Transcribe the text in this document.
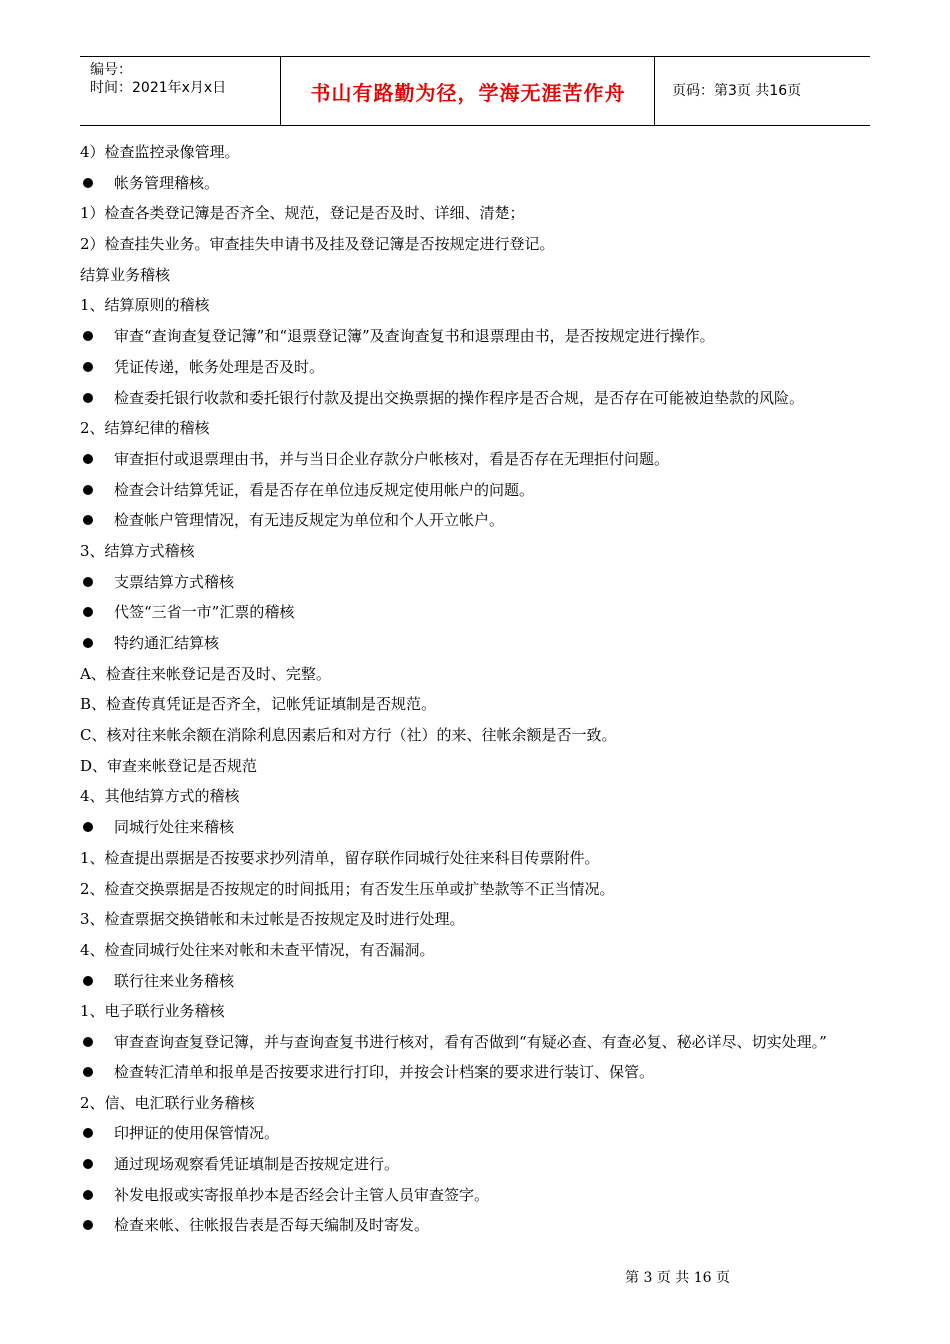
编号：
时间：2021年x月x日	书山有路勤为径，学海无涯苦作舟	页码：第3页 共16页
4）检查监控录像管理。
帐务管理稽核。
1）检查各类登记簿是否齐全、规范，登记是否及时、详细、清楚；
2）检查挂失业务。审查挂失申请书及挂及登记簿是否按规定进行登记。
结算业务稽核
1、结算原则的稽核
审查“查询查复登记簿”和“退票登记簿”及查询查复书和退票理由书，是否按规定进行操作。
凭证传递，帐务处理是否及时。
检查委托银行收款和委托银行付款及提出交换票据的操作程序是否合规，是否存在可能被迫垫款的风险。
2、结算纪律的稽核
审查拒付或退票理由书，并与当日企业存款分户帐核对，看是否存在无理拒付问题。
检查会计结算凭证，看是否存在单位违反规定使用帐户的问题。
检查帐户管理情况，有无违反规定为单位和个人开立帐户。
3、结算方式稽核
支票结算方式稽核
代签“三省一市”汇票的稽核
特约通汇结算核
A、检查往来帐登记是否及时、完整。
B、检查传真凭证是否齐全，记帐凭证填制是否规范。
C、核对往来帐余额在消除利息因素后和对方行（社）的来、往帐余额是否一致。
D、审查来帐登记是否规范
4、其他结算方式的稽核
同城行处往来稽核
1、检查提出票据是否按要求抄列清单，留存联作同城行处往来科目传票附件。
2、检查交换票据是否按规定的时间抵用；有否发生压单或扩垫款等不正当情况。
3、检查票据交换错帐和未过帐是否按规定及时进行处理。
4、检查同城行处往来对帐和未查平情况，有否漏洞。
联行往来业务稽核
1、电子联行业务稽核
审查查询查复登记簿，并与查询查复书进行核对，看有否做到“有疑必查、有查必复、秘必详尽、切实处理。”
检查转汇清单和报单是否按要求进行打印，并按会计档案的要求进行装订、保管。
2、信、电汇联行业务稽核
印押证的使用保管情况。
通过现场观察看凭证填制是否按规定进行。
补发电报或实寄报单抄本是否经会计主管人员审查签字。
检查来帐、往帐报告表是否每天编制及时寄发。
第 3 页 共 16 页
